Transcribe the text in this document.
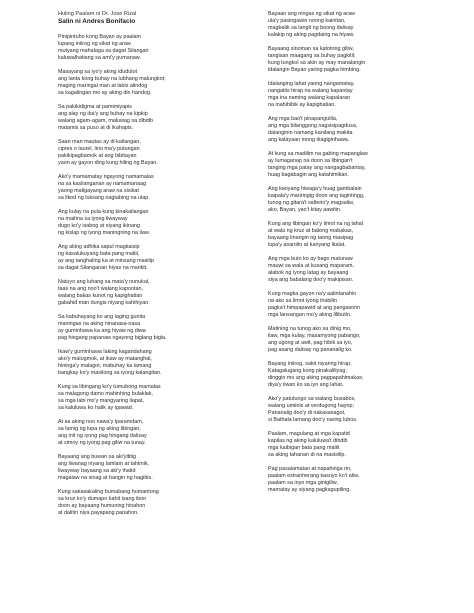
Huling Paalam ni Dr. Jose Rizal

Salin ni Andres Bonifacio

Pinipintuho kong Bayan ay paalam
lupang iniirog ng sikat ng araw
mutyang mahalaga sa dagat Silangan
kaluwalhatiang sa ami'y pumanaw.
Masayang sa iyo'y aking idudulot
ang lanta kong buhay na lubhang malungkot;
maging maringal man at labis alindog
sa kagalingan mo ay aking din handog.
Sa pakikidigma at pamimiyapis
ang alay ng iba'y ang buhay na kipkip
walang agam-agam, maluwag sa dibdib
matamis sa puso at di ikahapis.
Saan man mautas ay di kailangan,
cipres o laurel, lirio ma'y putungan
pakikipagbamok at ang bibitayan
yaon ay gayon ding kung hiling ng Bayan.
Ako'y mamamatay ngayong namamalas
na sa kasilanganan ay namamanaag
yaong maligayang araw na sisikat
sa likod ng luksang nagtabing na ulap.
Ang kulay na pula kung kinakailangan
na maitina sa iyong liwayway
dugo ko'y isabog at siyang ikinang
ng kislap ng iyong maningning na ilaw.
Ang aking adhika sapul magkaisip
ng kasalukuyang bata pang maliit,
ay ang tanghaling ka at minsang masilip
sa dagat Silanganan hiyas na marikit.
Natuyo ang luhang sa mata'y nunukal,
taas na ang noo't walang kapootan,
walang bakas kunot ng kapighatian
gabahid man dungis niyang kahihiyan.
Sa kabuhayang ko ang laging gunita
maningas na aking ninanasa-nasa
ay guminhawa ka ang hiyaw ng diwa
pag hingang papanaw ngayong biglang bigla.
Ikaw'y guminhawa laking kagandahang
ako'y malugmok, at ikaw ay matanghal,
hininga'y malagot, mabuhay ka lamang
bangkay ko'y masilong sa iyong kalangitan.
Kung sa libingang ko'y tumubong mamalas
sa malagong damo mahinhing bulaklak,
sa mga labi mo'y mangyaring ilapat,
sa kaluluwa ko halik ay igawad.
At sa aking noo nawa'y iparamdam,
sa lamig ng lupa ng aking libingan,
ang init ng iyong pag hingang dalisay
at simoy ng iyong pag giliw na tunay.
Bayaang ang buwan sa aki'yititig
ang liwanag niyang lamlam at tahimik,
liwayway bayaang sa aki'y ihatid
magalaw na sinag at hangin ng hagibis.
Kung sakasakaling bumabang humantong
sa kruz ko'y dumapo kahit isang ibon
doon ay bayaang humuning hinahon
at dalitin niya payapang panahon.
Bayaan ang ningas ng sikat ng araw
ula'y pasingawin noong kainitan,
magbalik sa langit ng boong dalisay
kalakip ng aking pagdaing na hiyaw.
Bayaang sinoman sa katotong giliw,
tangisan maagang sa buhay pagkitil;
kung tungkol sa akin ay may manalangin
idalangin Bayan yaring pagka himbing.
Idalanging lahat yaong nangamatay,
nangatiis hirap na walang kapantay
mga ina naming walang kapalaran
na inahihibik ay kapighatian.
Ang mga bao't pinapangulila,
ang mga bilanggong nagsisipagdusa,
dalanginin namang kanilang makita
ang kalayaan mong ikagiginhawa.
At kung sa madilim na gabing mapanglaw
ay lumaganap na doon sa libingan't
tanging mga patay ang nangagbabantay,
huag bagabagin ang katahimikan.
Ang kanyang hiwaga'y huag gambalain
kaipala'y mariringig doon ang tagintingg,
tunog ng gitara't salterio'y magsaliw,
ako, Bayan, yao't kitay aawitin.
Kung ang libingan ko'y limot na ng lahat
at wala ng kruz at batong mabakas,
bayaang linangin ng taong masipag
lupa'y asarolin at kanyang ikalat.
Ang mga buto ko ay bago matunaw
mauwi sa wala at kusang maparam,
alabok ng iyong latag ay bayaang
siya ang babalang doo'y makipisan.
Kung magka gayon na'y aalintanahin
na ako sa limot iyong ihabilin
pagka't himpapawid at ang pangasorin
mga lansangan mo'y aking lilibutin.
Matining na tunog ako sa dinig mo,
ilaw, mga kulay, masamyong pabango,
ang ugong at awit, pag hibik sa iyo,
pag asang dalisay ng pananalig ko.
Bayang iniirog, sakit niyaring hirap,
Katagalugang kong pinakaliliyag,
dinggin mo ang aking pagpapahimakas;
diya'y iiwan ko sa iyo ang lahat.
Ako'y patutungo sa walang busabos,
walang umiinis at verdugong hayop;
Pananalig doo'y di nakasasagot,
si Bathala lamang doo'y naring lubos.
Paalam, magulang at mga kapatid
kapilas ng aking kaluluwa't dibdib
mga kaibigan bata pang maliit
sa aking tahanan di na masisilip.
Pag pasalamatan at napahinga rin,
paalam estranherang kasuyo ko't aliw,
paalam sa inyo mga ginigiliw,
mamatay ay siyang pagkagupiling.
